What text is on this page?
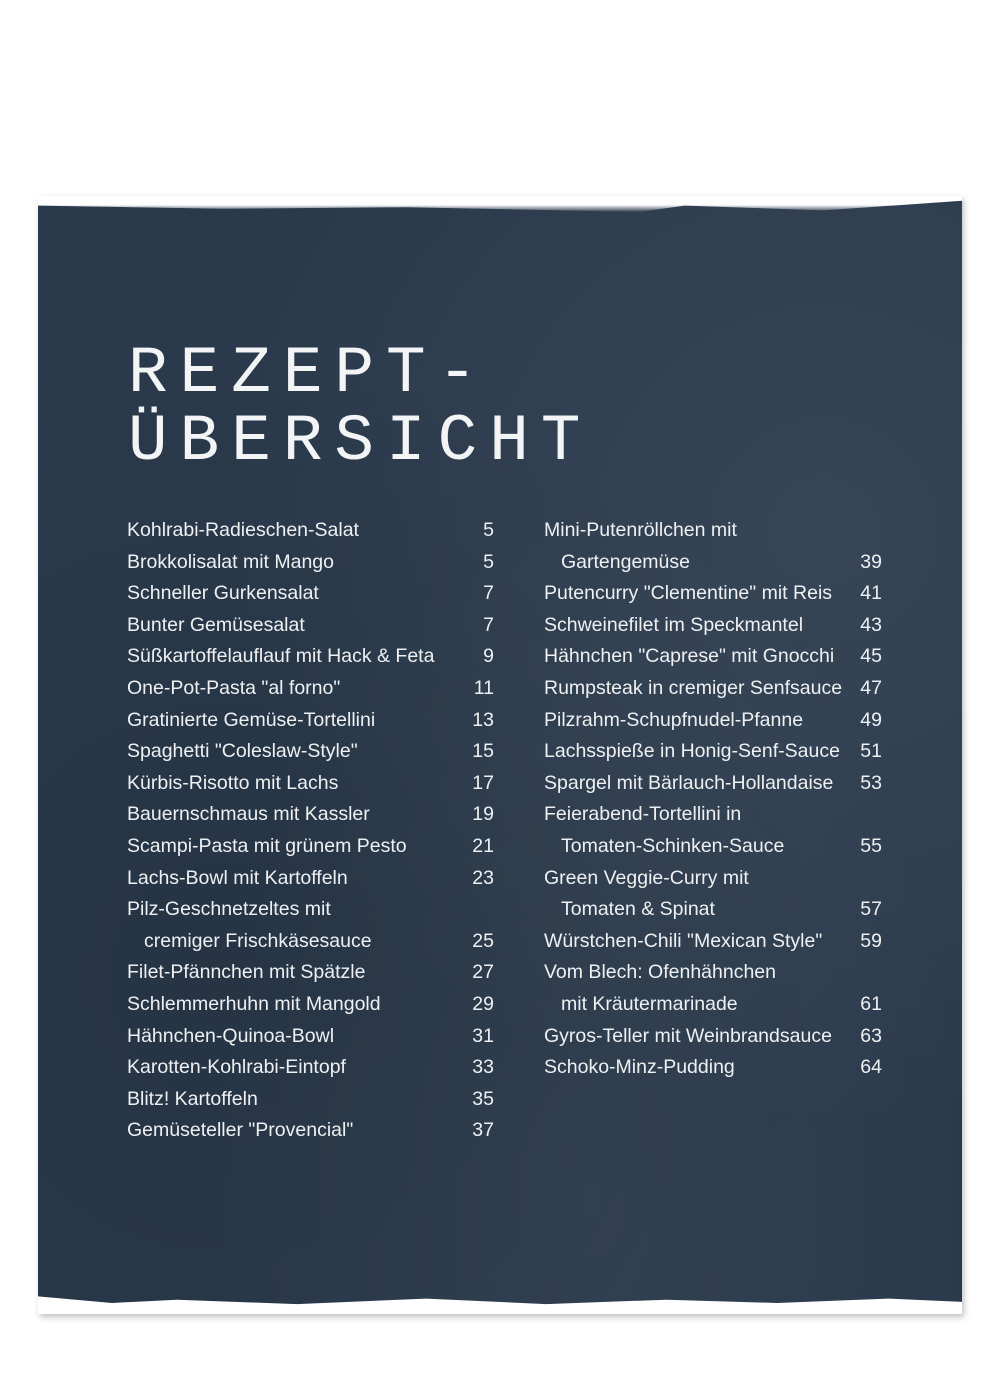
REZEPT-
ÜBERSICHT
Kohlrabi-Radieschen-Salat	5
Brokkolisalat mit Mango	5
Schneller Gurkensalat	7
Bunter Gemüsesalat	7
Süßkartoffelauflauf mit Hack & Feta	9
One-Pot-Pasta "al forno"	11
Gratinierte Gemüse-Tortellini	13
Spaghetti "Coleslaw-Style"	15
Kürbis-Risotto mit Lachs	17
Bauernschmaus mit Kassler	19
Scampi-Pasta mit grünem Pesto	21
Lachs-Bowl mit Kartoffeln	23
Pilz-Geschnetzeltes mit
cremiger Frischkäsesauce	25
Filet-Pfännchen mit Spätzle	27
Schlemmerhuhn mit Mangold	29
Hähnchen-Quinoa-Bowl	31
Karotten-Kohlrabi-Eintopf	33
Blitz! Kartoffeln	35
Gemüseteller "Provencial"	37
Mini-Putenröllchen mit
Gartengemüse	39
Putencurry "Clementine" mit Reis	41
Schweinefilet im Speckmantel	43
Hähnchen "Caprese" mit Gnocchi	45
Rumpsteak in cremiger Senfsauce 47
Pilzrahm-Schupfnudel-Pfanne	49
Lachsspieße in Honig-Senf-Sauce	51
Spargel mit Bärlauch-Hollandaise	53
Feierabend-Tortellini in
Tomaten-Schinken-Sauce	55
Green Veggie-Curry mit
Tomaten & Spinat	57
Würstchen-Chili "Mexican Style"	59
Vom Blech: Ofenhähnchen
mit Kräutermarinade	61
Gyros-Teller mit Weinbrandsauce	63
Schoko-Minz-Pudding	64
